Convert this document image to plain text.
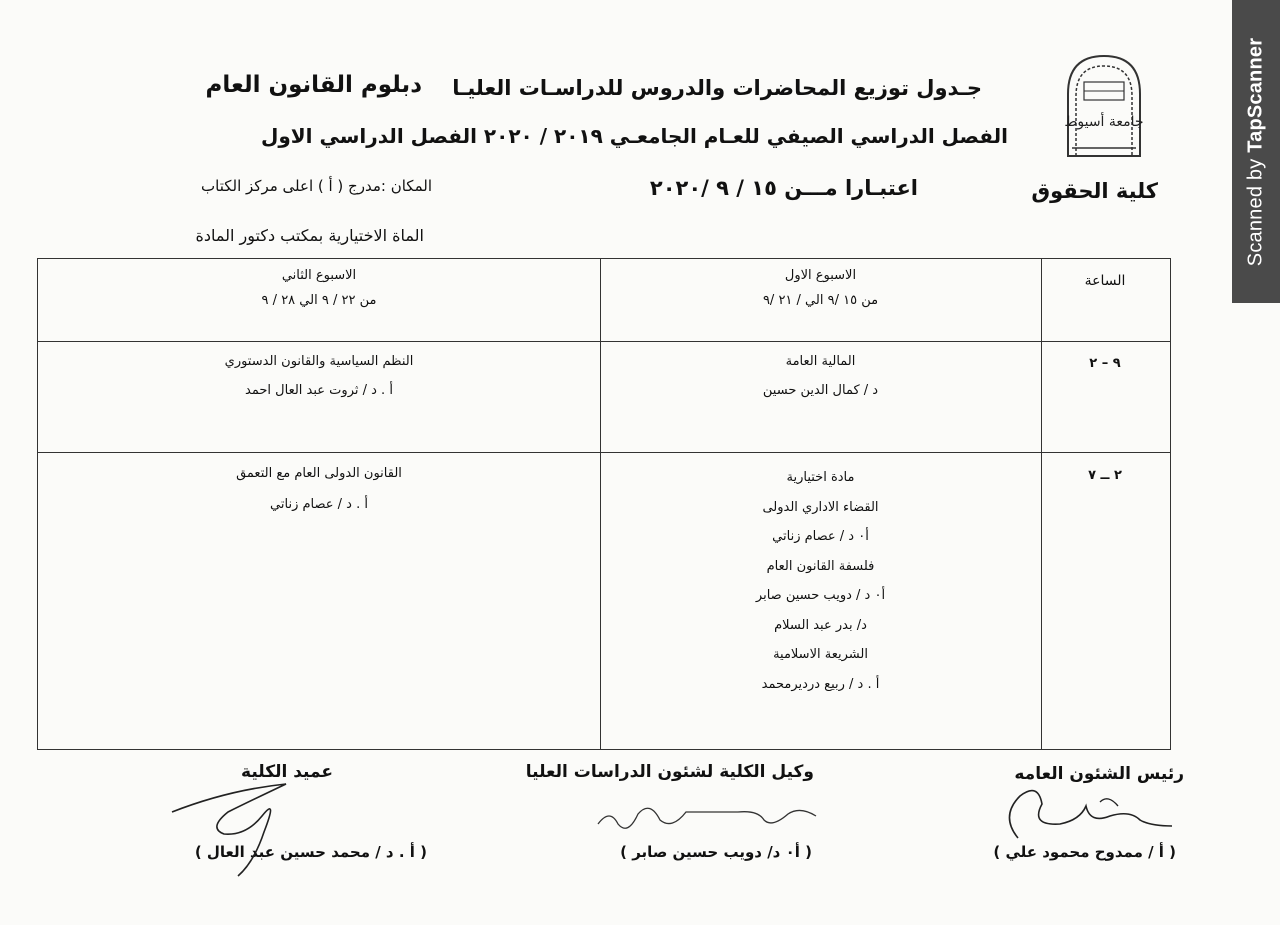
Scanned by TapScanner
جامعة أسيوط
جـدول توزيع المحاضرات والدروس للدراسـات العليـا
دبلوم القانون العام
الفصل الدراسي الصيفي للعـام الجامعـي ٢٠١٩ / ٢٠٢٠ الفصل الدراسي الاول
كلية الحقوق
اعتبـارا مـــن ١٥ / ٩ /٢٠٢٠
المكان :مدرج ( أ ) اعلى مركز الكتاب
الماة الاختيارية بمكتب دكتور المادة
الساعة
الاسبوع الاول
من ١٥ /٩ الي / ٢١ /٩
الاسبوع الثاني
من ٢٢ / ٩ الي ٢٨ / ٩
٩ – ٢
المالية العامة
د / كمال الدين حسين
النظم السياسية والقانون الدستوري
أ . د / ثروت عبد العال احمد
٢ ــ ٧
مادة اختيارية
القضاء الاداري الدولى
أ٠ د / عصام زناتي
فلسفة القانون العام
أ٠ د / دويب حسين صابر
د/ بدر عبد السلام
الشريعة الاسلامية
أ . د / ربيع درديرمحمد
القانون الدولى العام مع التعمق
أ . د / عصام زناتي
رئيس الشئون العامه
وكيل الكلية لشئون الدراسات العليا
عميد الكلية
( أ / ممدوح محمود علي )
( أ٠ د/ دويب حسين صابر )
( أ . د / محمد حسين عبد العال )
